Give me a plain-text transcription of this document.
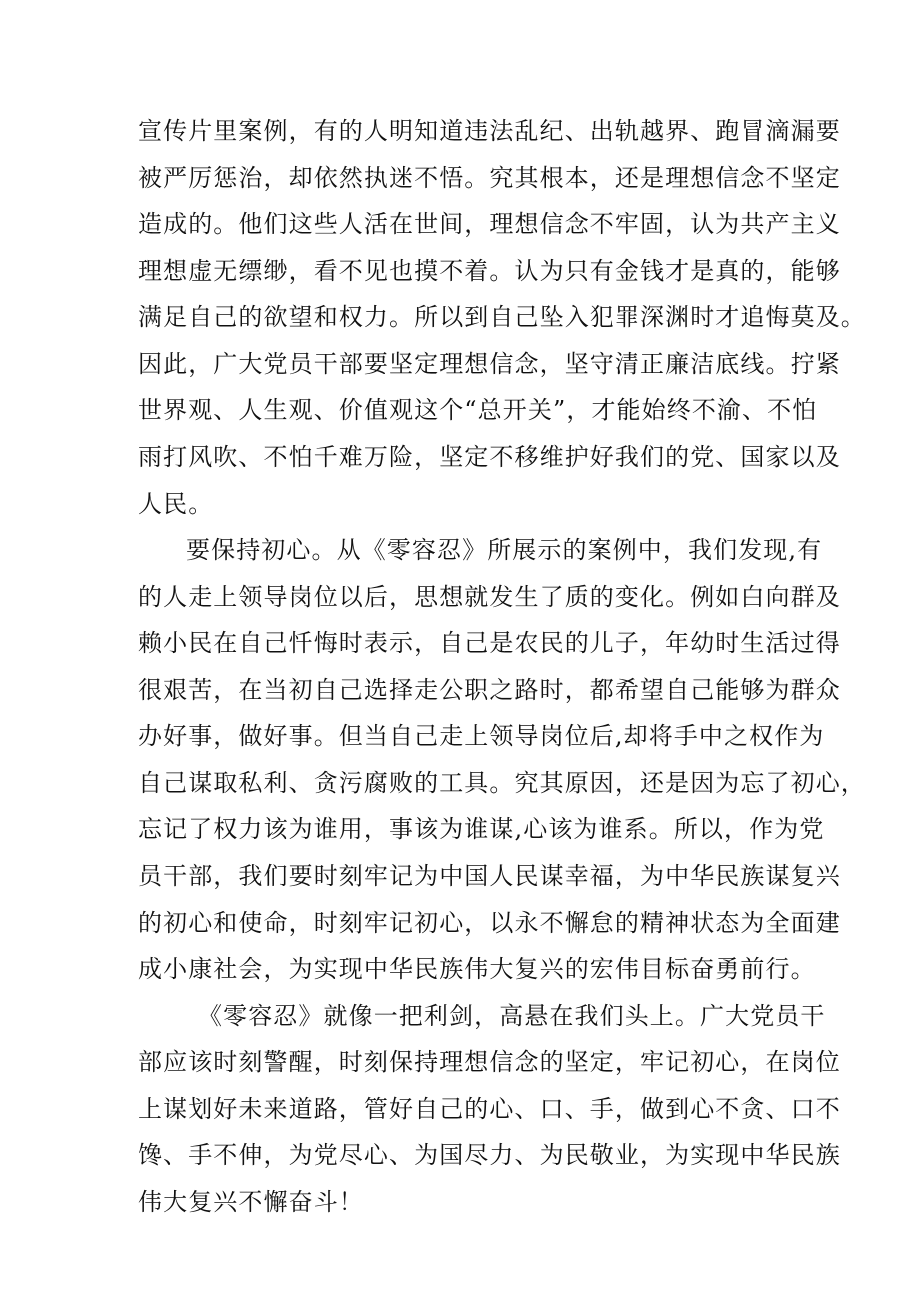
宣传片里案例，有的人明知道违法乱纪、出轨越界、跑冒滴漏要
被严厉惩治，却依然执迷不悟。究其根本，还是理想信念不坚定
造成的。他们这些人活在世间，理想信念不牢固，认为共产主义
理想虚无缥缈，看不见也摸不着。认为只有金钱才是真的，能够
满足自己的欲望和权力。所以到自己坠入犯罪深渊时才追悔莫及。
因此，广大党员干部要坚定理想信念，坚守清正廉洁底线。拧紧
世界观、人生观、价值观这个“总开关”，才能始终不渝、不怕
雨打风吹、不怕千难万险，坚定不移维护好我们的党、国家以及
人民。
要保持初心。从《零容忍》所展示的案例中，我们发现,有
的人走上领导岗位以后，思想就发生了质的变化。例如白向群及
赖小民在自己忏悔时表示，自己是农民的儿子，年幼时生活过得
很艰苦，在当初自己选择走公职之路时，都希望自己能够为群众
办好事，做好事。但当自己走上领导岗位后,却将手中之权作为
自己谋取私利、贪污腐败的工具。究其原因，还是因为忘了初心，
忘记了权力该为谁用，事该为谁谋,心该为谁系。所以，作为党
员干部，我们要时刻牢记为中国人民谋幸福，为中华民族谋复兴
的初心和使命，时刻牢记初心，以永不懈怠的精神状态为全面建
成小康社会，为实现中华民族伟大复兴的宏伟目标奋勇前行。
《零容忍》就像一把利剑，高悬在我们头上。广大党员干
部应该时刻警醒，时刻保持理想信念的坚定，牢记初心，在岗位
上谋划好未来道路，管好自己的心、口、手，做到心不贪、口不
馋、手不伸，为党尽心、为国尽力、为民敬业，为实现中华民族
伟大复兴不懈奋斗！
